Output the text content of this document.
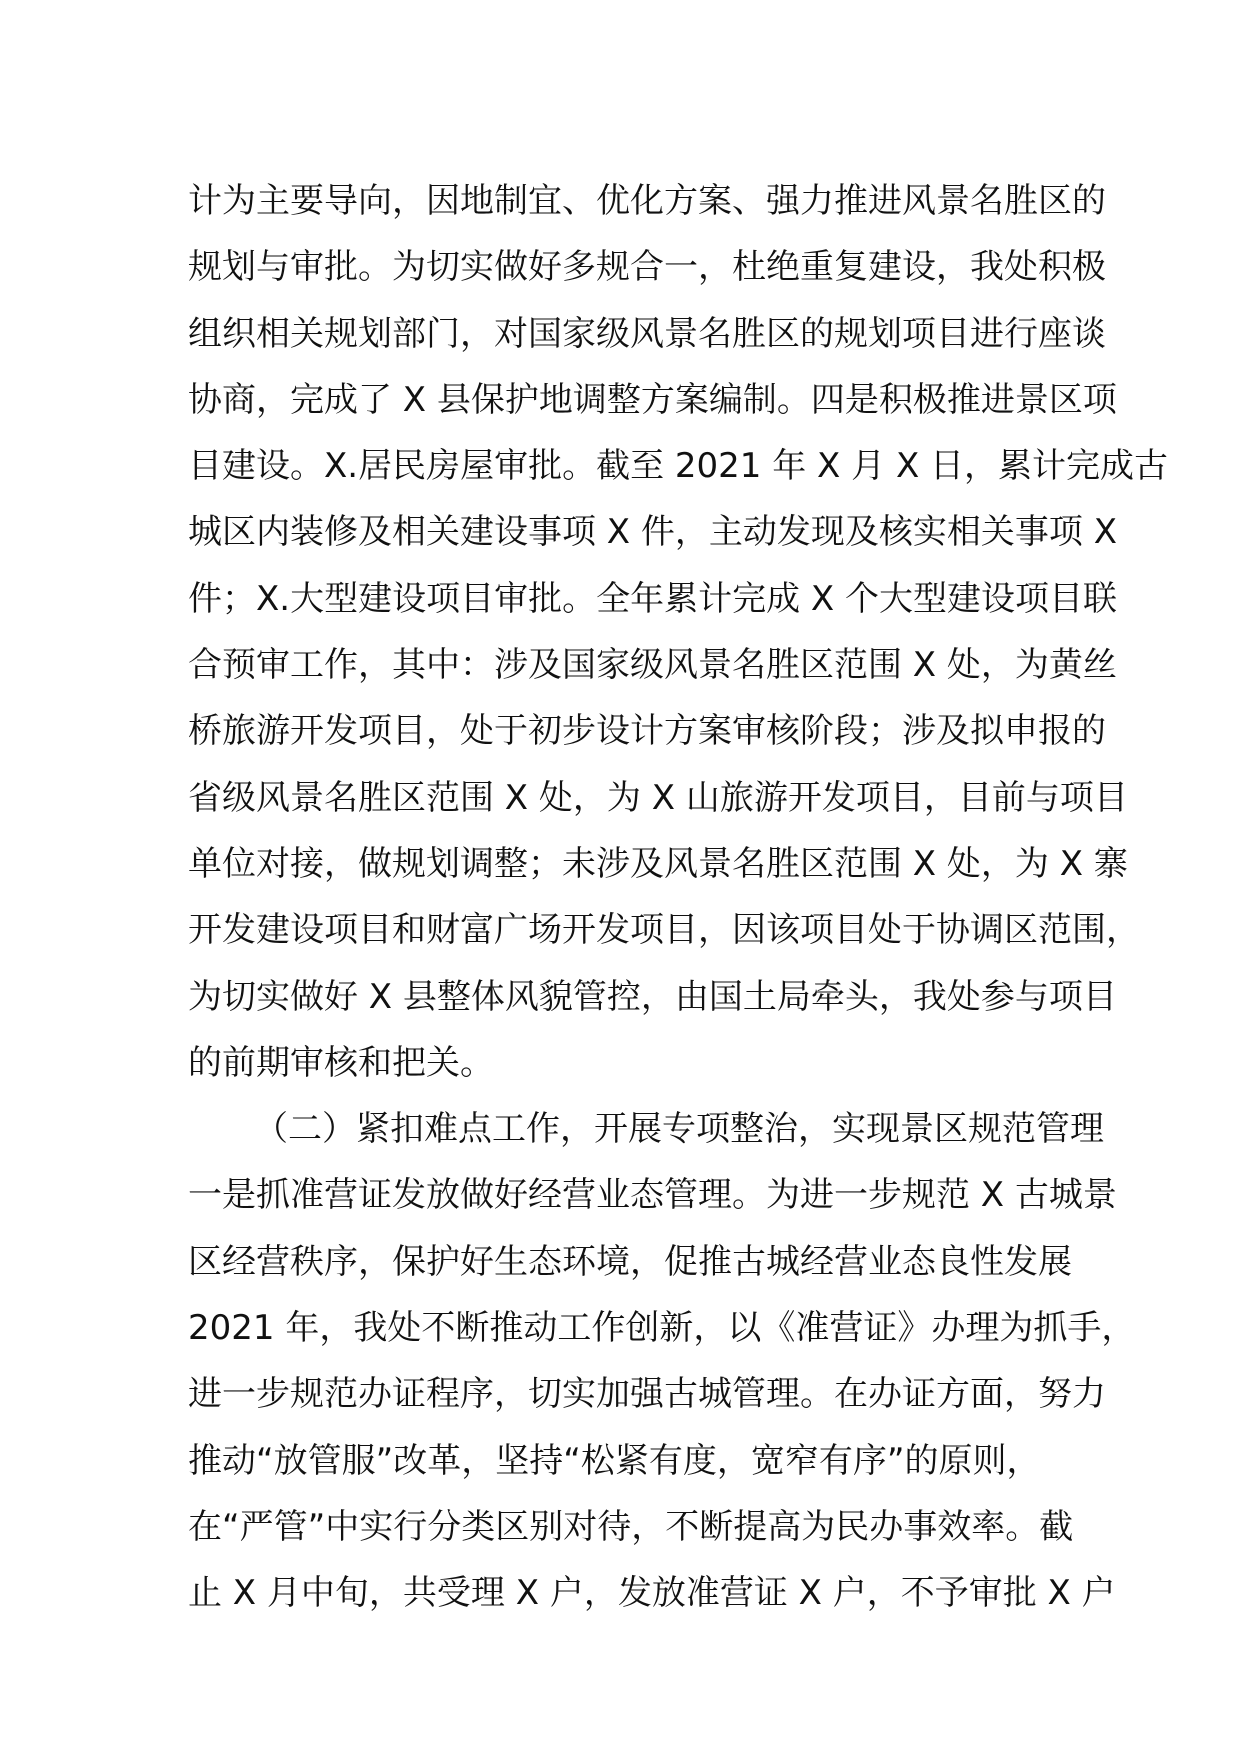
计为主要导向，因地制宜、优化方案、强力推进风景名胜区的
规划与审批。为切实做好多规合一，杜绝重复建设，我处积极
组织相关规划部门，对国家级风景名胜区的规划项目进行座谈
协商，完成了 X 县保护地调整方案编制。四是积极推进景区项
目建设。X.居民房屋审批。截至 2021 年 X 月 X 日，累计完成古
城区内装修及相关建设事项 X 件，主动发现及核实相关事项 X
件；X.大型建设项目审批。全年累计完成 X 个大型建设项目联
合预审工作，其中：涉及国家级风景名胜区范围 X 处，为黄丝
桥旅游开发项目，处于初步设计方案审核阶段；涉及拟申报的
省级风景名胜区范围 X 处，为 X 山旅游开发项目，目前与项目
单位对接，做规划调整；未涉及风景名胜区范围 X 处，为 X 寨
开发建设项目和财富广场开发项目，因该项目处于协调区范围，
为切实做好 X 县整体风貌管控，由国土局牵头，我处参与项目
的前期审核和把关。
（二）紧扣难点工作，开展专项整治，实现景区规范管理
一是抓准营证发放做好经营业态管理。为进一步规范 X 古城景
区经营秩序，保护好生态环境，促推古城经营业态良性发展
2021 年，我处不断推动工作创新，以《准营证》办理为抓手，
进一步规范办证程序，切实加强古城管理。在办证方面，努力
推动“放管服”改革，坚持“松紧有度，宽窄有序”的原则，
在“严管”中实行分类区别对待，不断提高为民办事效率。截
止 X 月中旬，共受理 X 户，发放准营证 X 户，不予审批 X 户
